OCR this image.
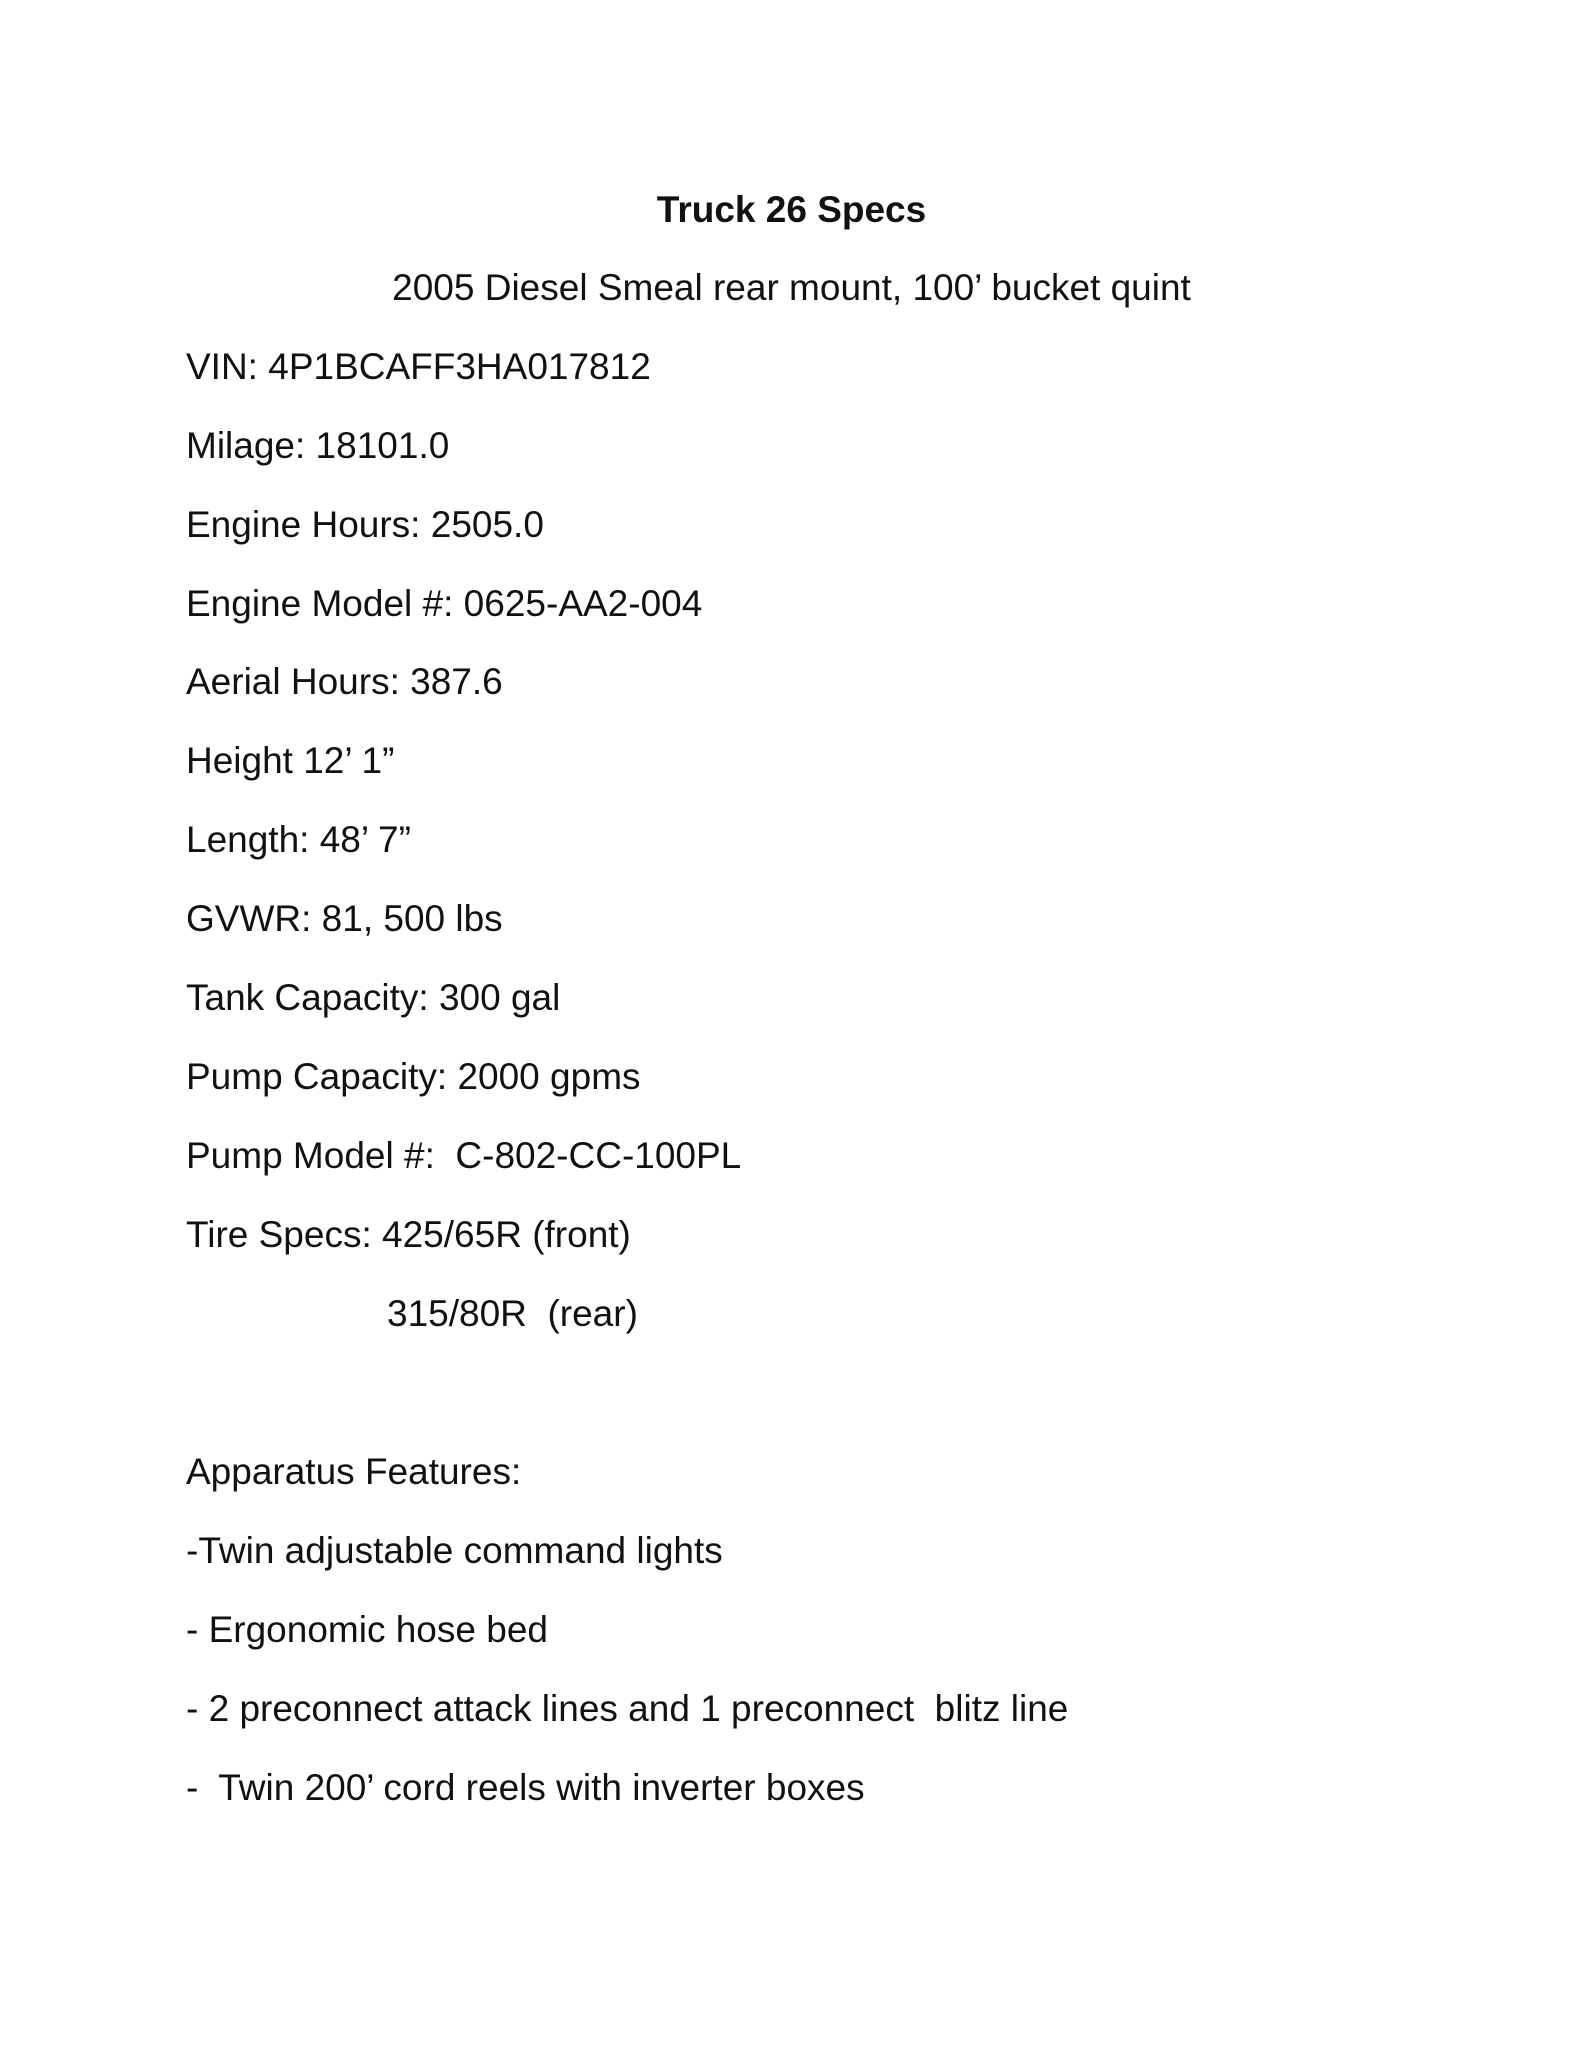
Truck 26 Specs
2005 Diesel Smeal rear mount, 100’ bucket quint
VIN: 4P1BCAFF3HA017812
Milage: 18101.0
Engine Hours: 2505.0
Engine Model #: 0625-AA2-004
Aerial Hours: 387.6
Height 12’ 1”
Length: 48’ 7”
GVWR: 81, 500 lbs
Tank Capacity: 300 gal
Pump Capacity: 2000 gpms
Pump Model #:  C-802-CC-100PL
Tire Specs: 425/65R (front)
315/80R  (rear)
Apparatus Features:
-Twin adjustable command lights
- Ergonomic hose bed
- 2 preconnect attack lines and 1 preconnect  blitz line
-  Twin 200’ cord reels with inverter boxes
